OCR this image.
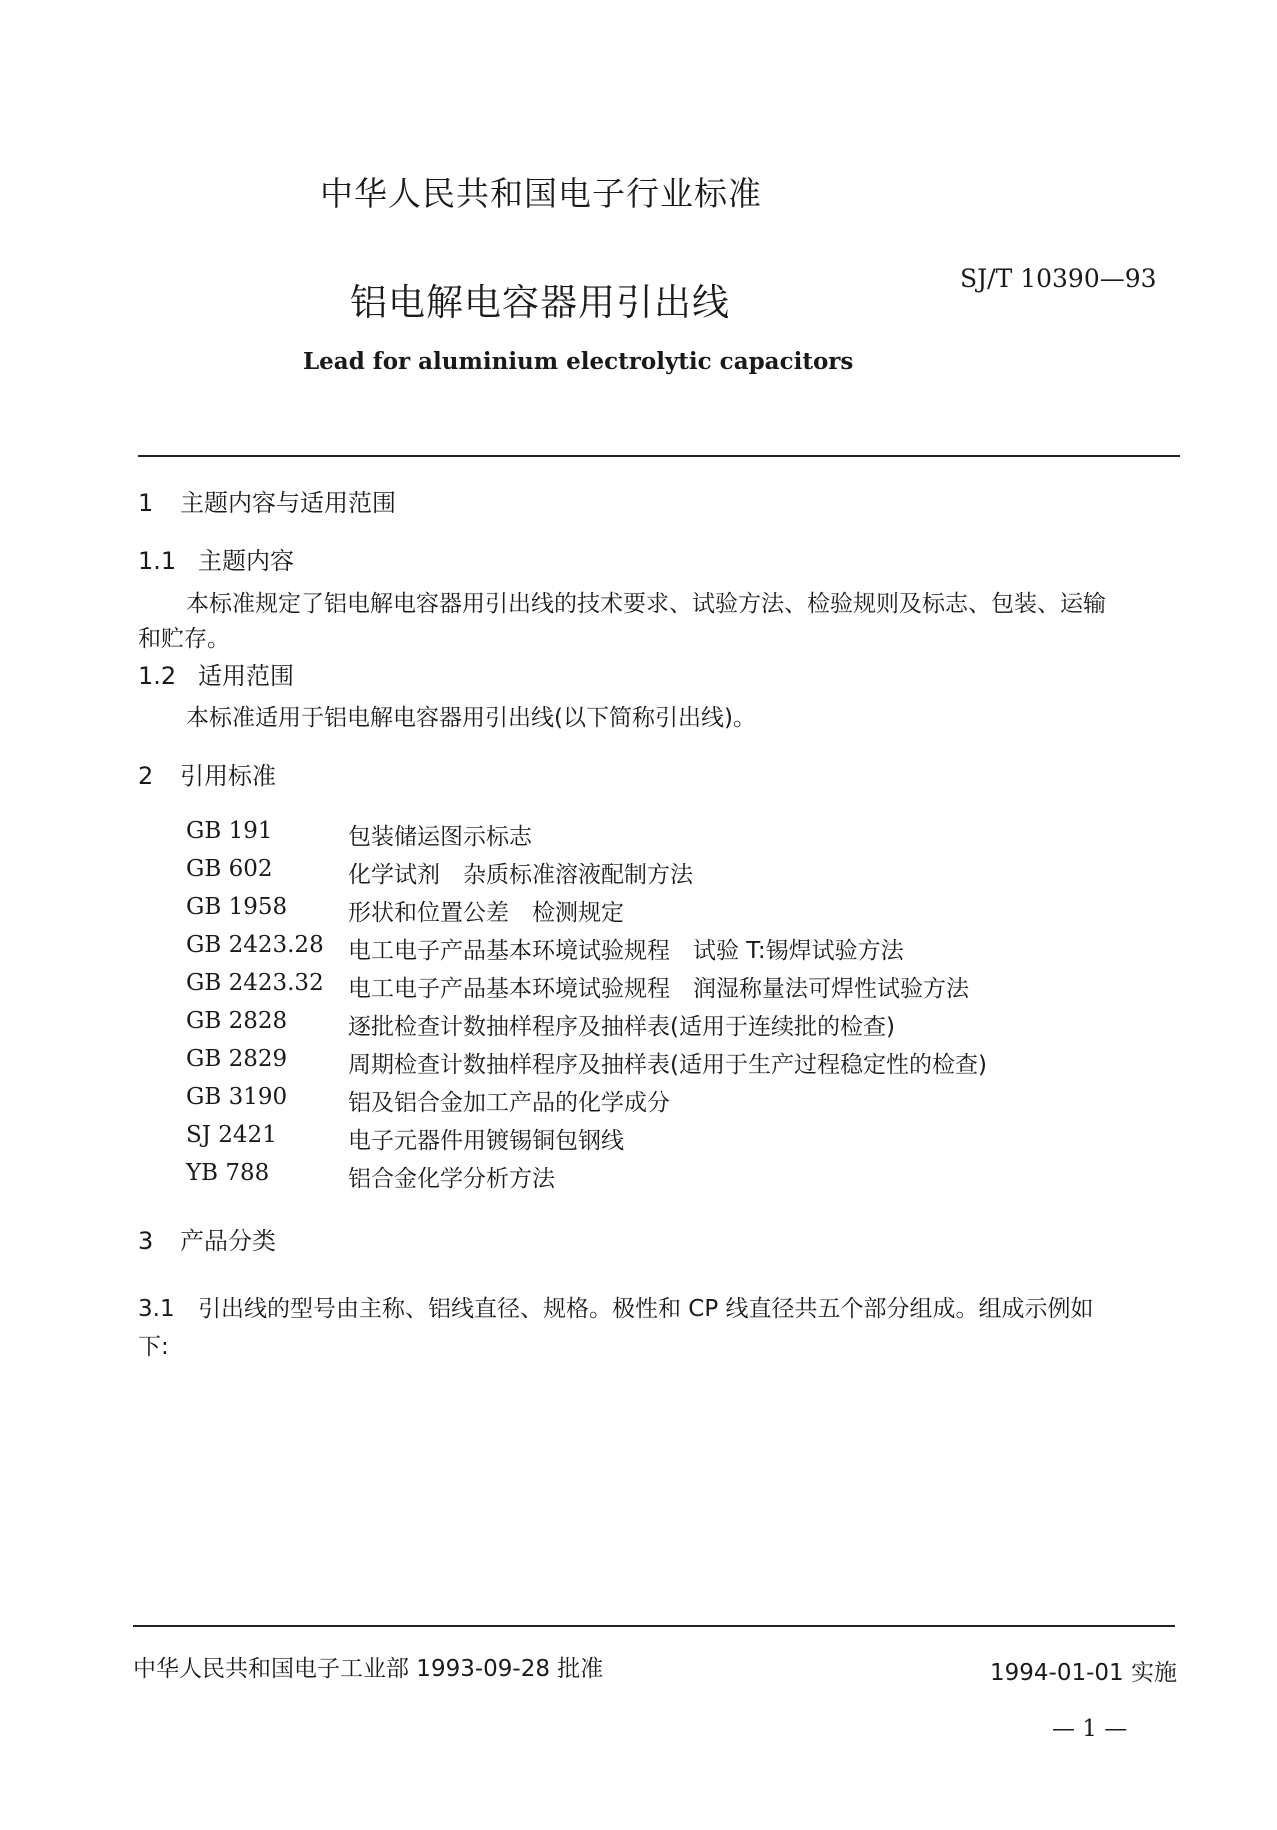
中华人民共和国电子行业标准
铝电解电容器用引出线
SJ/T 10390—93
Lead for aluminium electrolytic capacitors
1 主题内容与适用范围
1.1 主题内容
本标准规定了铝电解电容器用引出线的技术要求、试验方法、检验规则及标志、包装、运输
和贮存。
1.2 适用范围
本标准适用于铝电解电容器用引出线(以下简称引出线)。
2 引用标准
GB 191	包装储运图示标志
GB 602	化学试剂　杂质标准溶液配制方法
GB 1958	形状和位置公差　检测规定
GB 2423.28 电工电子产品基本环境试验规程　试验 T:锡焊试验方法
GB 2423.32 电工电子产品基本环境试验规程　润湿称量法可焊性试验方法
GB 2828	逐批检查计数抽样程序及抽样表(适用于连续批的检查)
GB 2829	周期检查计数抽样程序及抽样表(适用于生产过程稳定性的检查)
GB 3190	铝及铝合金加工产品的化学成分
SJ 2421	电子元器件用镀锡铜包钢线
YB 788	铝合金化学分析方法
3 产品分类
3.1 引出线的型号由主称、铝线直径、规格。极性和 CP 线直径共五个部分组成。组成示例如
下:
中华人民共和国电子工业部 1993-09-28 批准	1994-01-01 实施
— 1 —
